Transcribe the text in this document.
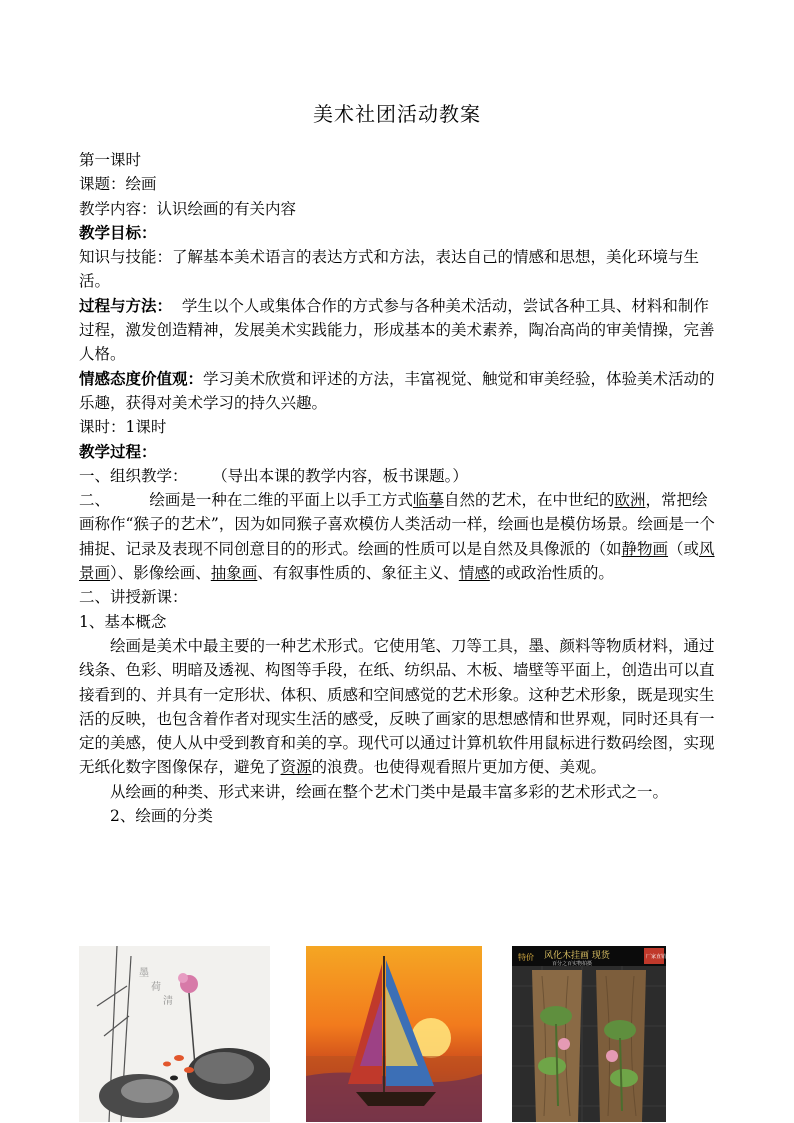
美术社团活动教案

第一课时

课题：绘画

教学内容：认识绘画的有关内容

教学目标：

知识与技能：了解基本美术语言的表达方式和方法，表达自己的情感和思想，美化环境与生活。

过程与方法： 学生以个人或集体合作的方式参与各种美术活动，尝试各种工具、材料和制作过程，激发创造精神，发展美术实践能力，形成基本的美术素养，陶冶高尚的审美情操，完善人格。

情感态度价值观：学习美术欣赏和评述的方法，丰富视觉、触觉和审美经验，体验美术活动的乐趣，获得对美术学习的持久兴趣。

课时：1课时

教学过程：

一、组织教学：     （导出本课的教学内容，板书课题。）

二、        绘画是一种在二维的平面上以手工方式临摹自然的艺术，在中世纪的欧洲，常把绘画称作“猴子的艺术”，因为如同猴子喜欢模仿人类活动一样，绘画也是模仿场景。绘画是一个捕捉、记录及表现不同创意目的的形式。绘画的性质可以是自然及具像派的（如静物画（或风景画）、影像绘画、抽象画、有叙事性质的、象征主义、情感的或政治性质的。

二、讲授新课：

1、基本概念

绘画是美术中最主要的一种艺术形式。它使用笔、刀等工具，墨、颜料等物质材料，通过线条、色彩、明暗及透视、构图等手段，在纸、纺织品、木板、墙壁等平面上，创造出可以直接看到的、并具有一定形状、体积、质感和空间感觉的艺术形象。这种艺术形象，既是现实生活的反映，也包含着作者对现实生活的感受，反映了画家的思想感情和世界观，同时还具有一定的美感，使人从中受到教育和美的享。现代可以通过计算机软件用鼠标进行数码绘图，实现无纸化数字图像保存，避免了资源的浪费。也使得观看照片更加方便、美观。

从绘画的种类、形式来讲，绘画在整个艺术门类中是最丰富多彩的艺术形式之一。

2、绘画的分类

墨
荷
清
特价 风化木挂画 现货
百分之百实物拍摄
厂家直销
